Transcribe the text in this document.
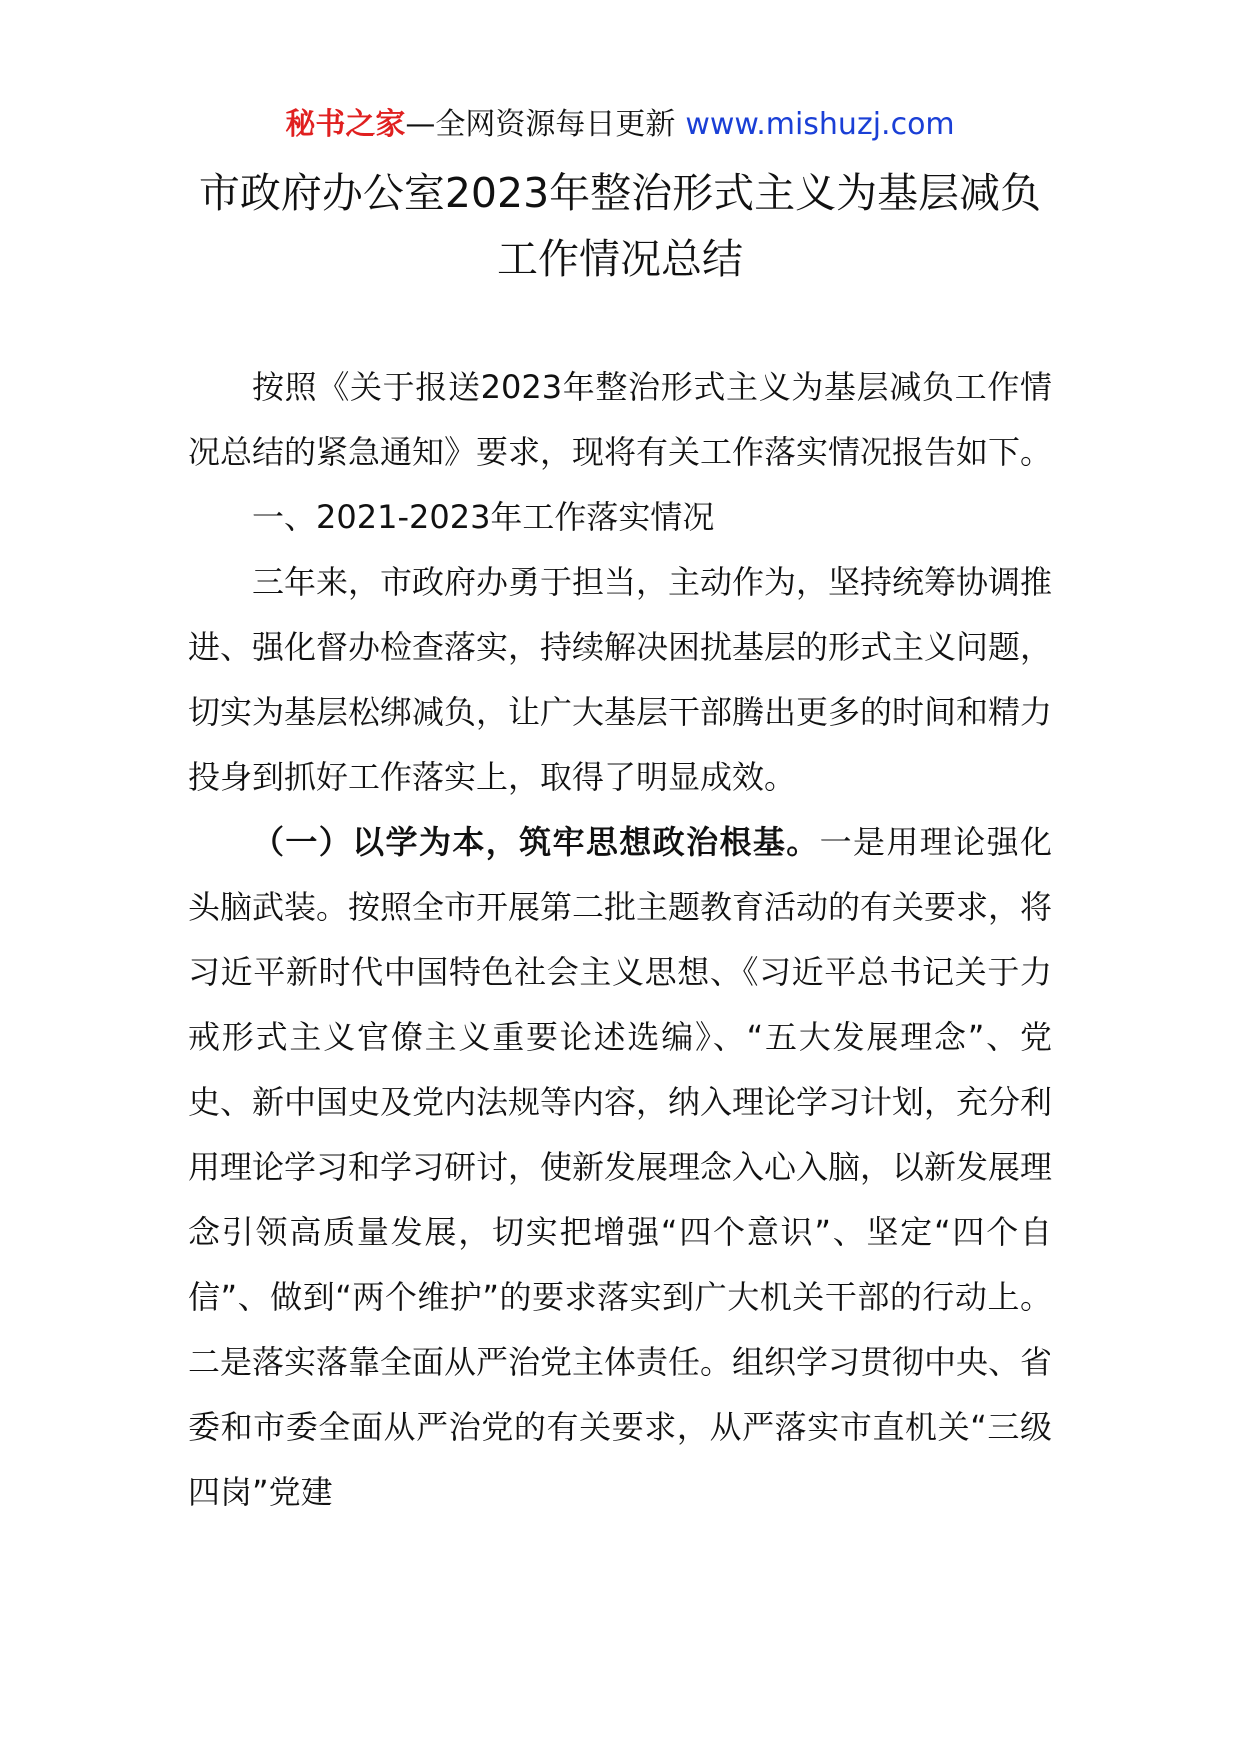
秘书之家—全网资源每日更新 www.mishuzj.com
市政府办公室2023年整治形式主义为基层减负
工作情况总结

按照《关于报送2023年整治形式主义为基层减负工作情况总结的紧急通知》要求，现将有关工作落实情况报告如下。

一、2021-2023年工作落实情况

三年来，市政府办勇于担当，主动作为，坚持统筹协调推进、强化督办检查落实，持续解决困扰基层的形式主义问题，切实为基层松绑减负，让广大基层干部腾出更多的时间和精力投身到抓好工作落实上，取得了明显成效。

（一）以学为本，筑牢思想政治根基。一是用理论强化头脑武装。按照全市开展第二批主题教育活动的有关要求，将习近平新时代中国特色社会主义思想、《习近平总书记关于力戒形式主义官僚主义重要论述选编》、“五大发展理念”、党史、新中国史及党内法规等内容，纳入理论学习计划，充分利用理论学习和学习研讨，使新发展理念入心入脑，以新发展理念引领高质量发展，切实把增强“四个意识”、坚定“四个自信”、做到“两个维护”的要求落实到广大机关干部的行动上。二是落实落靠全面从严治党主体责任。组织学习贯彻中央、省委和市委全面从严治党的有关要求，从严落实市直机关“三级四岗”党建
